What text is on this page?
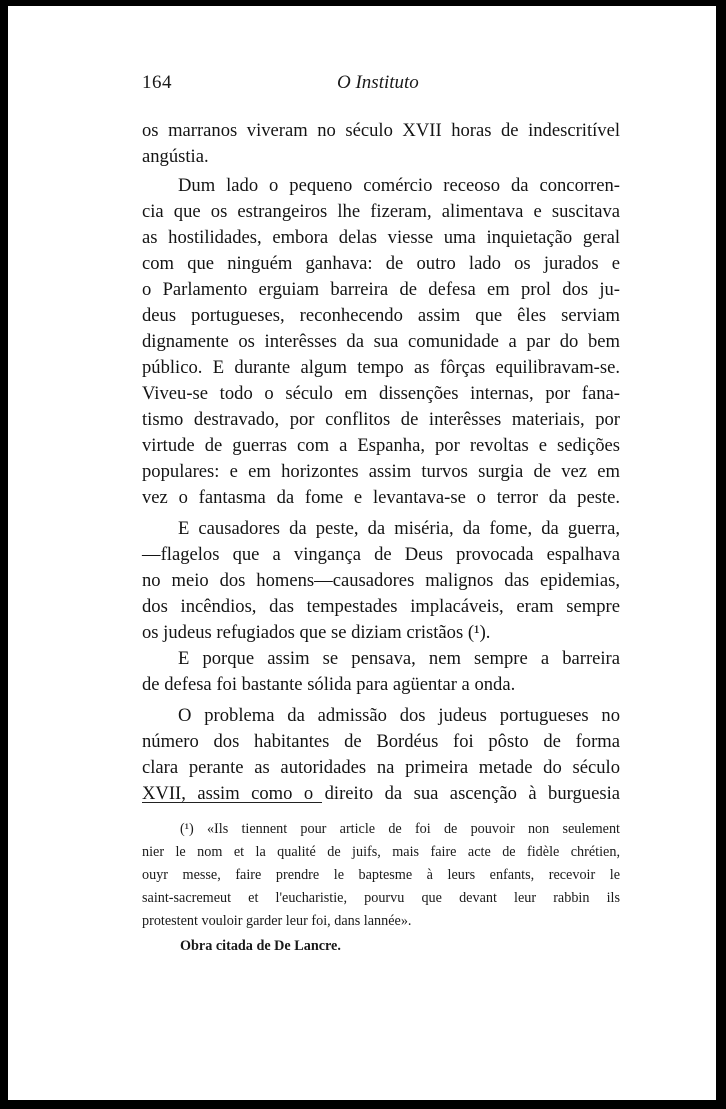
164	O Instituto
os marranos viveram no século XVII horas de indescritível
angústia.
Dum lado o pequeno comércio receoso da concorren-
cia que os estrangeiros lhe fizeram, alimentava e suscitava
as hostilidades, embora delas viesse uma inquietação geral
com que ninguém ganhava: de outro lado os jurados e
o Parlamento erguiam barreira de defesa em prol dos ju-
deus portugueses, reconhecendo assim que êles serviam
dignamente os interêsses da sua comunidade a par do bem
público. E durante algum tempo as fôrças equilibravam-se.
Viveu-se todo o século em dissenções internas, por fana-
tismo destravado, por conflitos de interêsses materiais, por
virtude de guerras com a Espanha, por revoltas e sedições
populares: e em horizontes assim turvos surgia de vez em
vez o fantasma da fome e levantava-se o terror da peste.
E causadores da peste, da miséria, da fome, da guerra,
—flagelos que a vingança de Deus provocada espalhava
no meio dos homens—causadores malignos das epidemias,
dos incêndios, das tempestades implacáveis, eram sempre
os judeus refugiados que se diziam cristãos (¹).
E porque assim se pensava, nem sempre a barreira
de defesa foi bastante sólida para agüentar a onda.
O problema da admissão dos judeus portugueses no
número dos habitantes de Bordéus foi pôsto de forma
clara perante as autoridades na primeira metade do século
XVII, assim como o direito da sua ascenção à burguesia
(¹) «Ils tiennent pour article de foi de pouvoir non seulement
nier le nom et la qualité de juifs, mais faire acte de fidèle chrétien,
ouyr messe, faire prendre le baptesme à leurs enfants, recevoir le
saint-sacremeut et l'eucharistie, pourvu que devant leur rabbin ils
protestent vouloir garder leur foi, dans lannée».
Obra citada de De Lancre.
